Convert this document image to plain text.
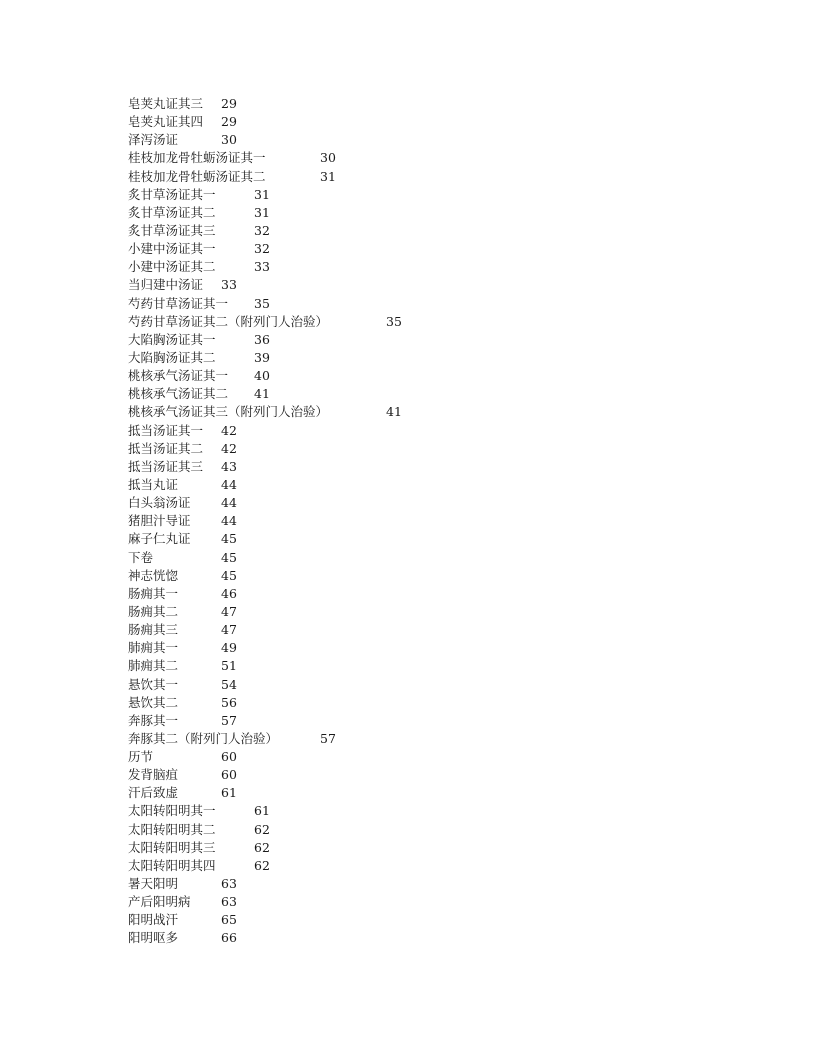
皂荚丸证其三 29
皂荚丸证其四 29
泽泻汤证	30
桂枝加龙骨牡蛎汤证其一	30
桂枝加龙骨牡蛎汤证其二	31
炙甘草汤证其一	31
炙甘草汤证其二	31
炙甘草汤证其三	32
小建中汤证其一	32
小建中汤证其二	33
当归建中汤证 33
芍药甘草汤证其一 35
芍药甘草汤证其二（附列门人治验）	35
大陷胸汤证其一	36
大陷胸汤证其二	39
桃核承气汤证其一 40
桃核承气汤证其二 41
桃核承气汤证其三（附列门人治验）	41
抵当汤证其一 42
抵当汤证其二 42
抵当汤证其三 43
抵当丸证	44
白头翁汤证 44
猪胆汁导证 44
麻子仁丸证 45
下卷	45
神志恍惚	45
肠痈其一	46
肠痈其二	47
肠痈其三	47
肺痈其一	49
肺痈其二	51
悬饮其一	54
悬饮其二	56
奔豚其一	57
奔豚其二（附列门人治验）	57
历节	60
发背脑疽	60
汗后致虚	61
太阳转阳明其一	61
太阳转阳明其二	62
太阳转阳明其三	62
太阳转阳明其四	62
暑天阳明	63
产后阳明病 63
阳明战汗	65
阳明呕多	66
